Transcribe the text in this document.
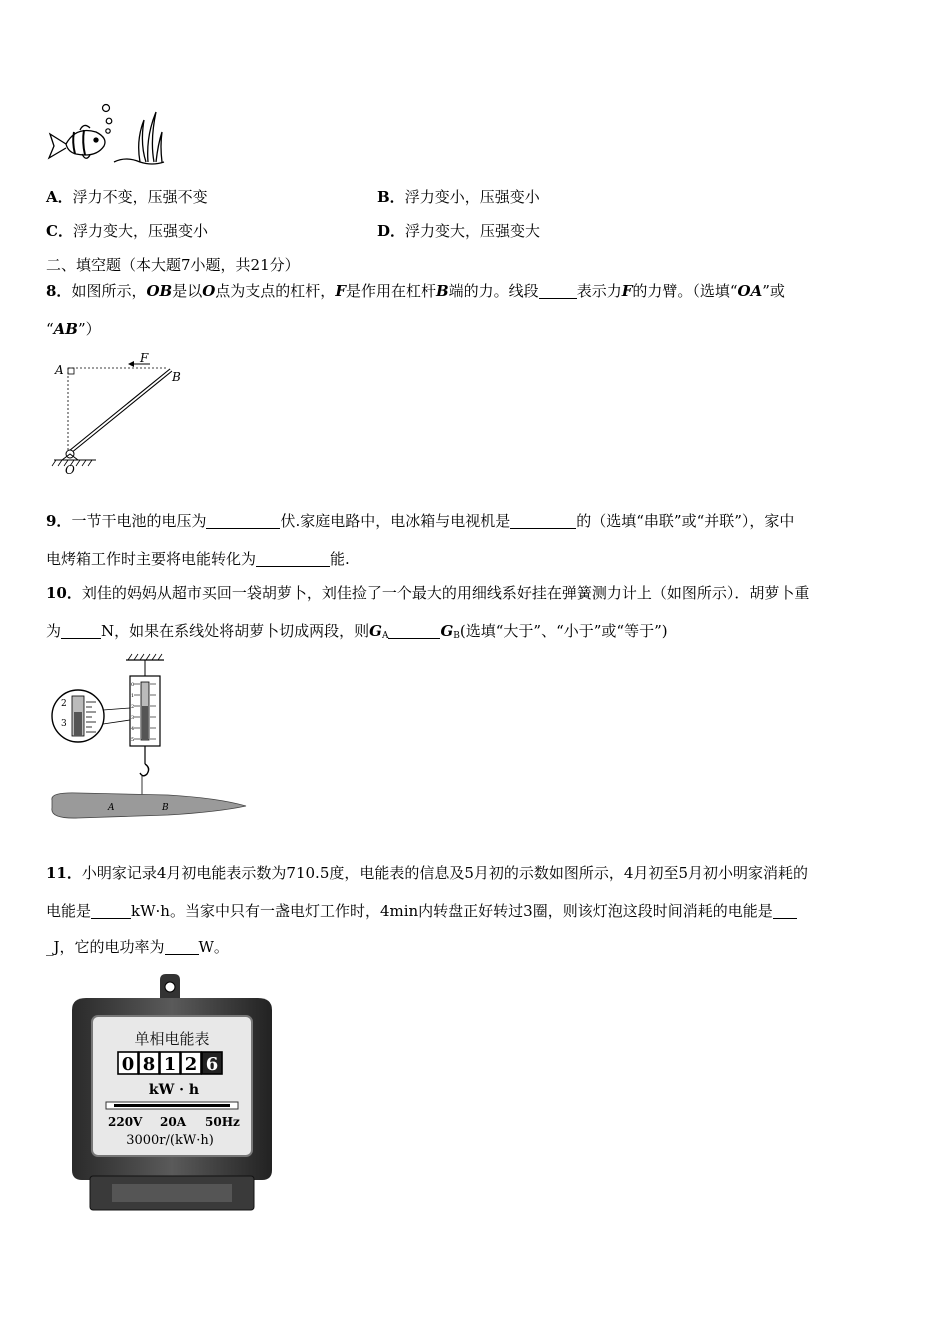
A．浮力不变，压强不变	B．浮力变小，压强变小
C．浮力变大，压强变小	D．浮力变大，压强变大
二、填空题（本大题7小题，共21分）
8．如图所示，OB是以O点为支点的杠杆，F是作用在杠杆B端的力。线段	表示力F的力臂。（选填“OA”或
“AB”）
A
F
B
O
9．一节干电池的电压为	伏.家庭电路中，电冰箱与电视机是	的（选填“串联”或“并联”），家中
电烤箱工作时主要将电能转化为	能.
10．刘佳的妈妈从超市买回一袋胡萝卜，刘佳捡了一个最大的用细线系好挂在弹簧测力计上（如图所示）．胡萝卜重
为	N，如果在系线处将胡萝卜切成两段，则$G_A$	$G_B$(选填“大于”、“小于”或“等于”)
0
1
2
3
4
5
2
3
A	B
11．小明家记录4月初电能表示数为710.5度，电能表的信息及5月初的示数如图所示，4月初至5月初小明家消耗的
电能是	kW·h。当家中只有一盏电灯工作时，4min内转盘正好转过3圈，则该灯泡这段时间消耗的电能是
_J，它的电功率为 W。
单相电能表
0 8 1 2 6
kW · h
220V 20A 50Hz
3000r/(kW·h)
